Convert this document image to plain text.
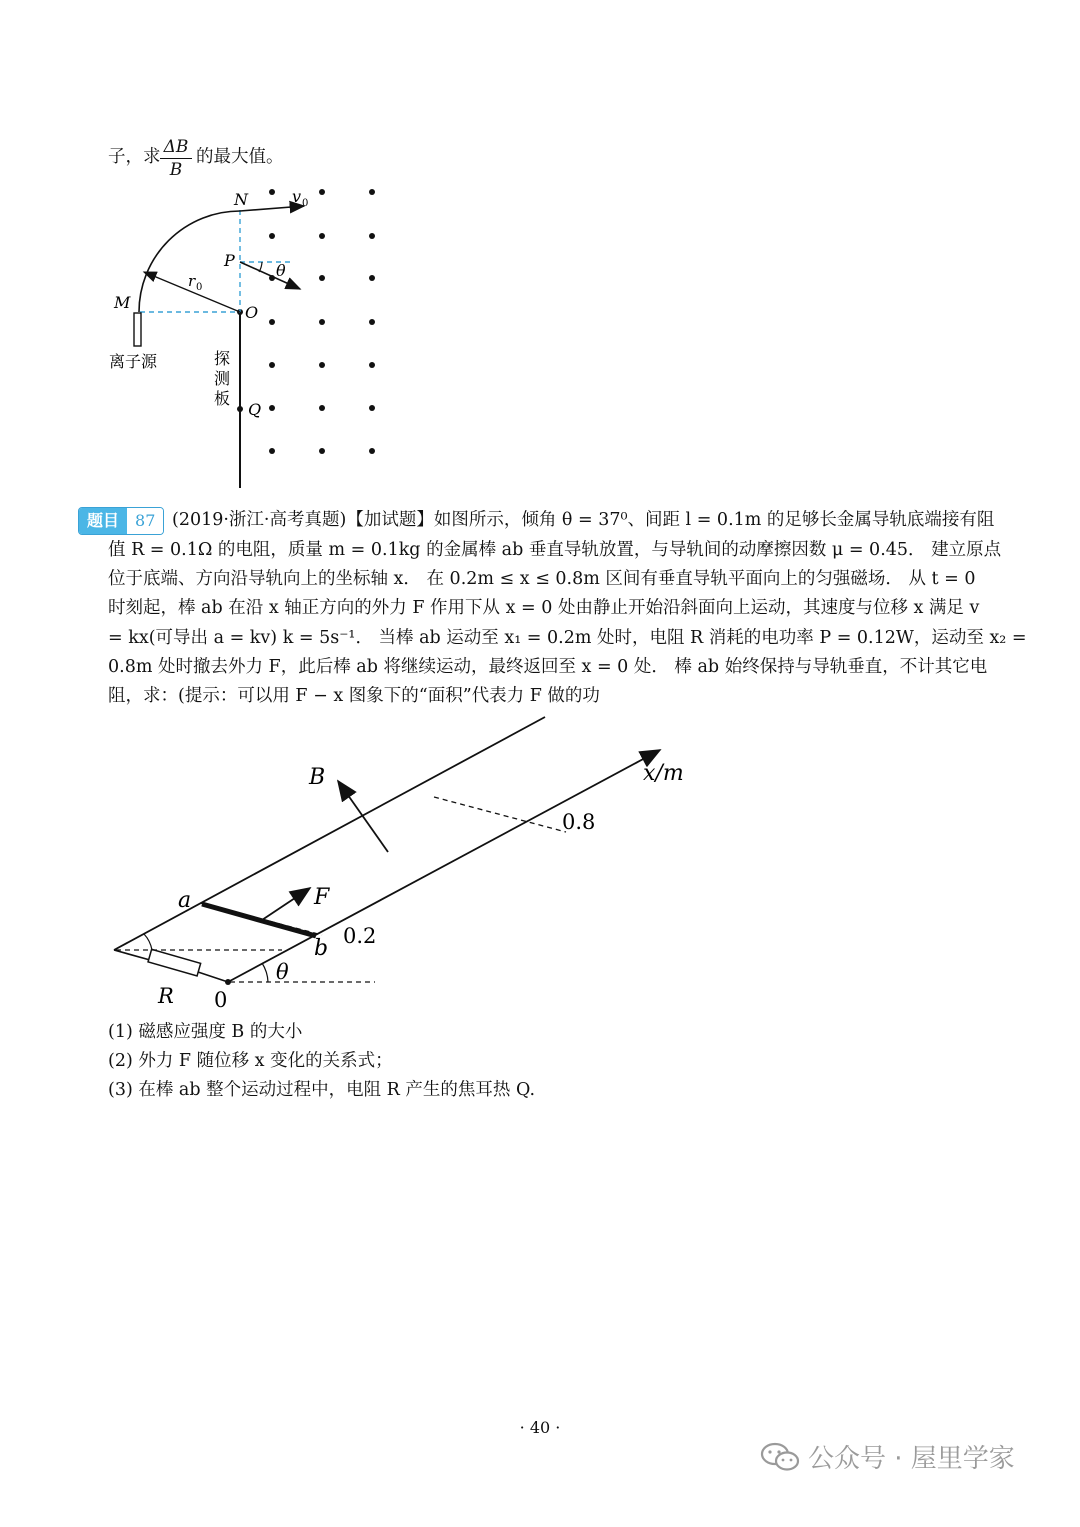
子，求 ΔB
B
的最大值。
N	v 0
P
θ
r 0
M
O
Q
离子源	探
测
板
题目	87 (2019·浙江·高考真题)【加试题】如图所示，倾角 θ = 37⁰、间距 l = 0.1m 的足够长金属导轨底端接有阻
值 R = 0.1Ω 的电阻，质量 m = 0.1kg 的金属棒 ab 垂直导轨放置，与导轨间的动摩擦因数 μ = 0.45． 建立原点
位于底端、方向沿导轨向上的坐标轴 x． 在 0.2m ≤ x ≤ 0.8m 区间有垂直导轨平面向上的匀强磁场． 从 t = 0
时刻起，棒 ab 在沿 x 轴正方向的外力 F 作用下从 x = 0 处由静止开始沿斜面向上运动，其速度与位移 x 满足 v
= kx(可导出 a = kv) k = 5s⁻¹． 当棒 ab 运动至 x₁ = 0.2m 处时，电阻 R 消耗的电功率 P = 0.12W，运动至 x₂ =
0.8m 处时撤去外力 F，此后棒 ab 将继续运动，最终返回至 x = 0 处． 棒 ab 始终保持与导轨垂直，不计其它电
阻，求：(提示：可以用 F − x 图象下的“面积”代表力 F 做的功
B	x/m
0.8
a	F
b 0.2
θ
R 0
(1) 磁感应强度 B 的大小
(2) 外力 F 随位移 x 变化的关系式；
(3) 在棒 ab 整个运动过程中，电阻 R 产生的焦耳热 Q.
· 40 ·
公众号 · 屋里学家
